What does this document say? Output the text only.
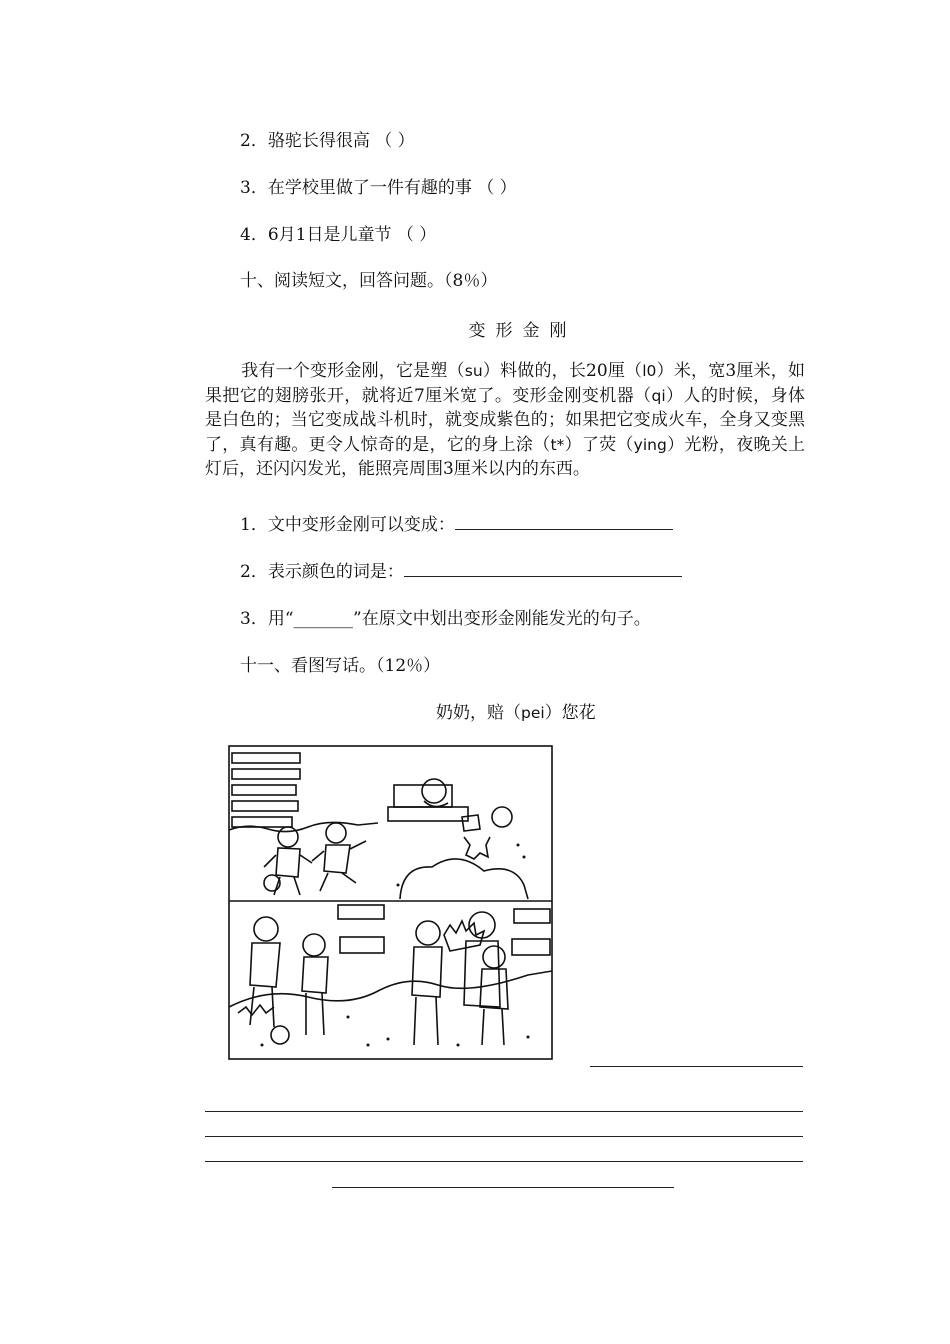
2．骆驼长得很高 （ ）
3．在学校里做了一件有趣的事 （ ）
4．6月1日是儿童节 （ ）
十、阅读短文，回答问题。（8％）
变形金刚
我有一个变形金刚，它是塑（su）料做的，长20厘（l0）米，宽3厘米，如果把它的翅膀张开，就将近7厘米宽了。变形金刚变机器（qi）人的时候，身体是白色的；当它变成战斗机时，就变成紫色的；如果把它变成火车，全身又变黑了，真有趣。更令人惊奇的是，它的身上涂（t*）了荧（ying）光粉，夜晚关上灯后，还闪闪发光，能照亮周围3厘米以内的东西。
1．文中变形金刚可以变成：
2．表示颜色的词是：
3．用“_______”在原文中划出变形金刚能发光的句子。
十一、看图写话。（12％）
奶奶，赔（pei）您花
